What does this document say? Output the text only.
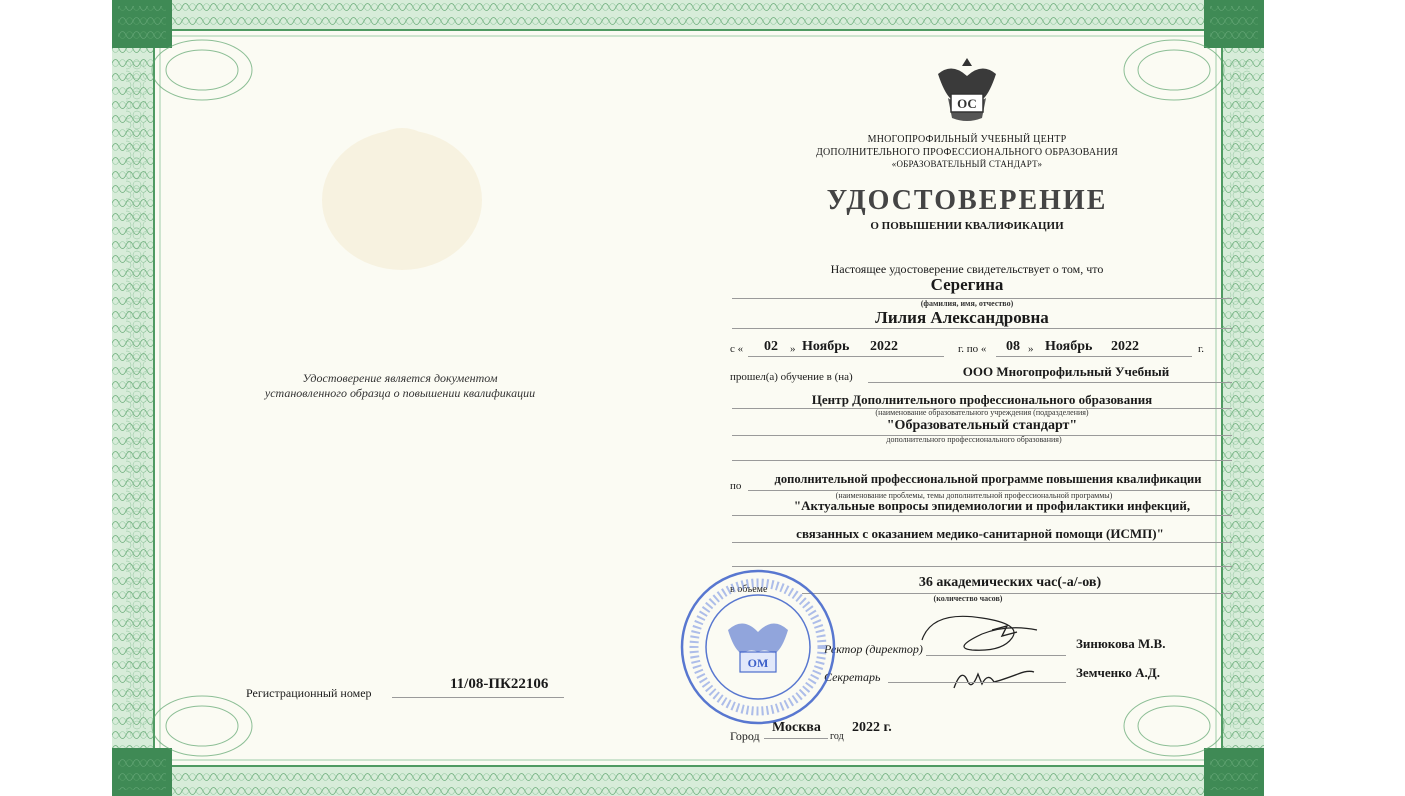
ОС
МНОГОПРОФИЛЬНЫЙ УЧЕБНЫЙ ЦЕНТР
ДОПОЛНИТЕЛЬНОГО ПРОФЕССИОНАЛЬНОГО ОБРАЗОВАНИЯ
«ОБРАЗОВАТЕЛЬНЫЙ СТАНДАРТ»
УДОСТОВЕРЕНИЕ
О ПОВЫШЕНИИ КВАЛИФИКАЦИИ
Настоящее удостоверение свидетельствует о том, что
Серегина
(фамилия, имя, отчество)
Лилия Александровна
с « 02 » Ноябрь 2022	г. по « 08 » Ноябрь 2022	г.
прошел(а) обучение в (на)	ООО Многопрофильный Учебный
Центр Дополнительного профессионального образования
(наименование образовательного учреждения (подразделения)
"Образовательный стандарт"
дополнительного профессионального образования)
по	дополнительной профессиональной программе повышения квалификации
(наименование проблемы, темы дополнительной профессиональной программы)
"Актуальные вопросы эпидемиологии и профилактики инфекций,
связанных с оказанием медико-санитарной помощи (ИСМП)"
в объеме	36 академических час(-а/-ов)
(количество часов)
Ректор (директор)	Зинюкова М.В.
Секретарь	Земченко А.Д.
Город
Москва
год
2022 г.
ОМ
Удостоверение является документом
установленного образца о повышении квалификации
Регистрационный номер
11/08-ПК22106
